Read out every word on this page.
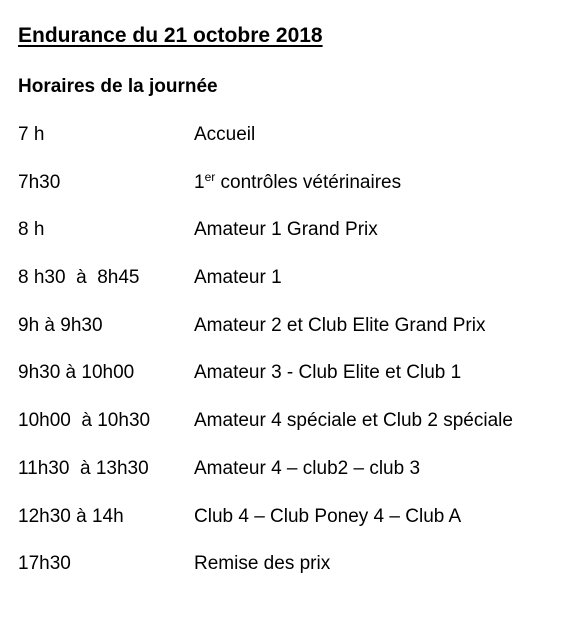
Endurance du 21 octobre 2018
Horaires de la journée
7 h	Accueil
7h30	1er contrôles vétérinaires
8 h	Amateur 1 Grand Prix
8 h30  à  8h45	Amateur 1
9h à 9h30	Amateur 2 et Club Elite Grand Prix
9h30 à 10h00	Amateur 3 - Club Elite et Club 1
10h00  à 10h30	Amateur 4 spéciale et Club 2 spéciale
11h30  à 13h30	Amateur 4 – club2 – club 3
12h30 à 14h	Club 4 – Club Poney 4 – Club A
17h30	Remise des prix
